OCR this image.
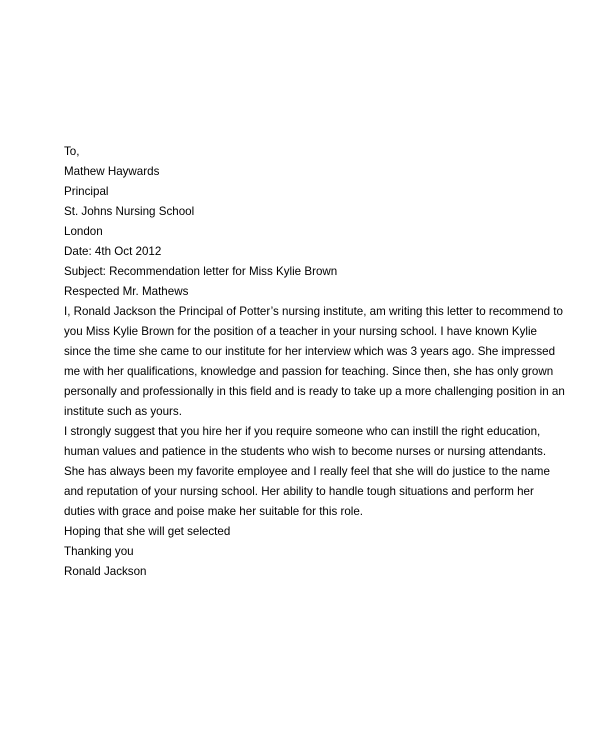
To,

Mathew Haywards

Principal

St. Johns Nursing School

London

Date: 4th Oct 2012

Subject: Recommendation letter for Miss Kylie Brown

Respected Mr. Mathews

I, Ronald Jackson the Principal of Potter’s nursing institute, am writing this letter to recommend to
you Miss Kylie Brown for the position of a teacher in your nursing school. I have known Kylie
since the time she came to our institute for her interview which was 3 years ago. She impressed
me with her qualifications, knowledge and passion for teaching. Since then, she has only grown
personally and professionally in this field and is ready to take up a more challenging position in an
institute such as yours.
I strongly suggest that you hire her if you require someone who can instill the right education,
human values and patience in the students who wish to become nurses or nursing attendants.
She has always been my favorite employee and I really feel that she will do justice to the name
and reputation of your nursing school. Her ability to handle tough situations and perform her
duties with grace and poise make her suitable for this role.

Hoping that she will get selected

Thanking you

Ronald Jackson
